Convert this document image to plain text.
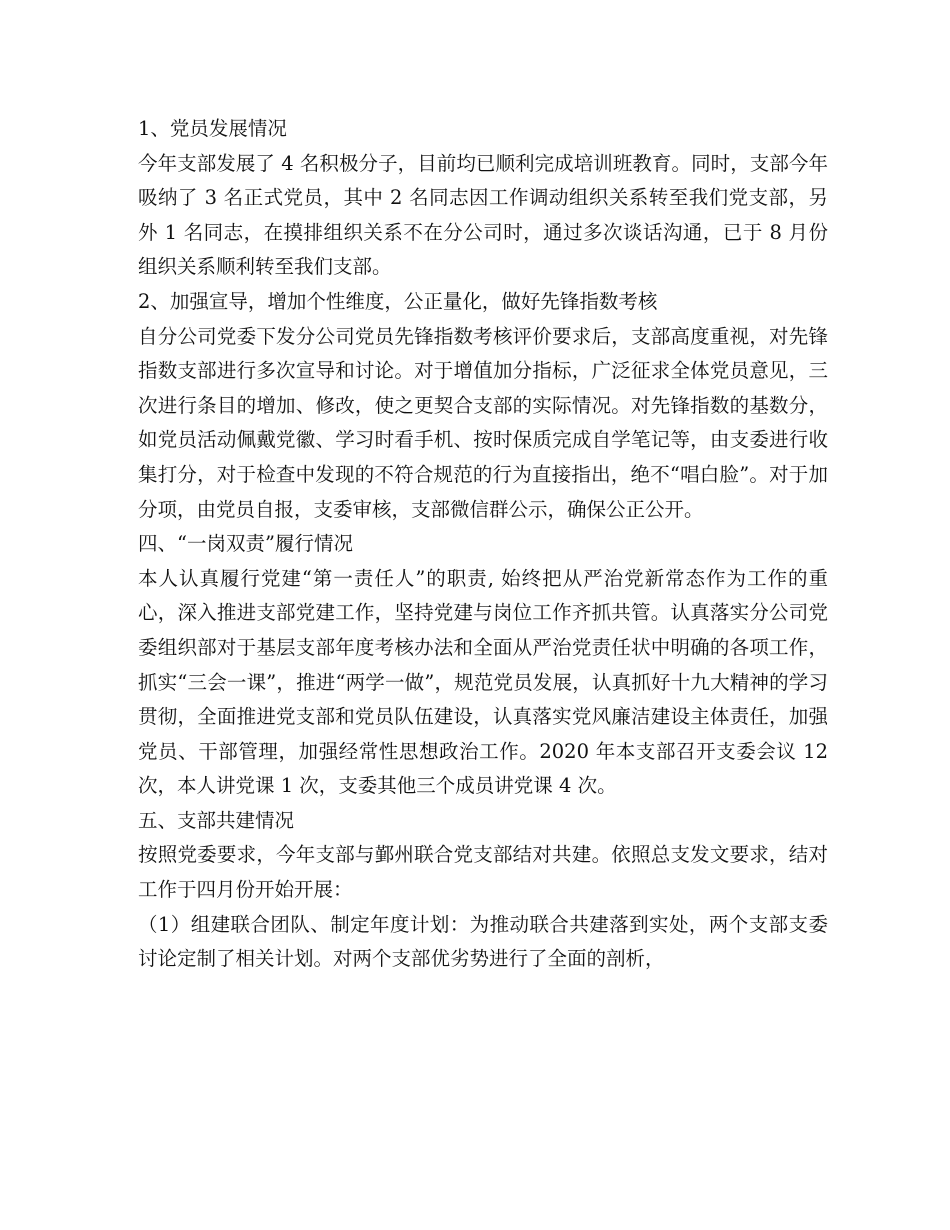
1、党员发展情况

今年支部发展了 4 名积极分子，目前均已顺利完成培训班教育。同时，支部今年吸纳了 3 名正式党员，其中 2 名同志因工作调动组织关系转至我们党支部，另外 1 名同志，在摸排组织关系不在分公司时，通过多次谈话沟通，已于 8 月份组织关系顺利转至我们支部。

2、加强宣导，增加个性维度，公正量化，做好先锋指数考核

自分公司党委下发分公司党员先锋指数考核评价要求后，支部高度重视，对先锋指数支部进行多次宣导和讨论。对于增值加分指标，广泛征求全体党员意见，三次进行条目的增加、修改，使之更契合支部的实际情况。对先锋指数的基数分，如党员活动佩戴党徽、学习时看手机、按时保质完成自学笔记等，由支委进行收集打分，对于检查中发现的不符合规范的行为直接指出，绝不“唱白脸”。对于加分项，由党员自报，支委审核，支部微信群公示，确保公正公开。

四、“一岗双责”履行情况

本人认真履行党建“第一责任人”的职责, 始终把从严治党新常态作为工作的重心，深入推进支部党建工作，坚持党建与岗位工作齐抓共管。认真落实分公司党委组织部对于基层支部年度考核办法和全面从严治党责任状中明确的各项工作，抓实“三会一课”，推进“两学一做”，规范党员发展，认真抓好十九大精神的学习贯彻，全面推进党支部和党员队伍建设，认真落实党风廉洁建设主体责任，加强党员、干部管理，加强经常性思想政治工作。2020 年本支部召开支委会议 12 次，本人讲党课 1 次，支委其他三个成员讲党课 4 次。

五、支部共建情况

按照党委要求，今年支部与鄞州联合党支部结对共建。依照总支发文要求，结对工作于四月份开始开展：

（1）组建联合团队、制定年度计划：为推动联合共建落到实处，两个支部支委讨论定制了相关计划。对两个支部优劣势进行了全面的剖析，
